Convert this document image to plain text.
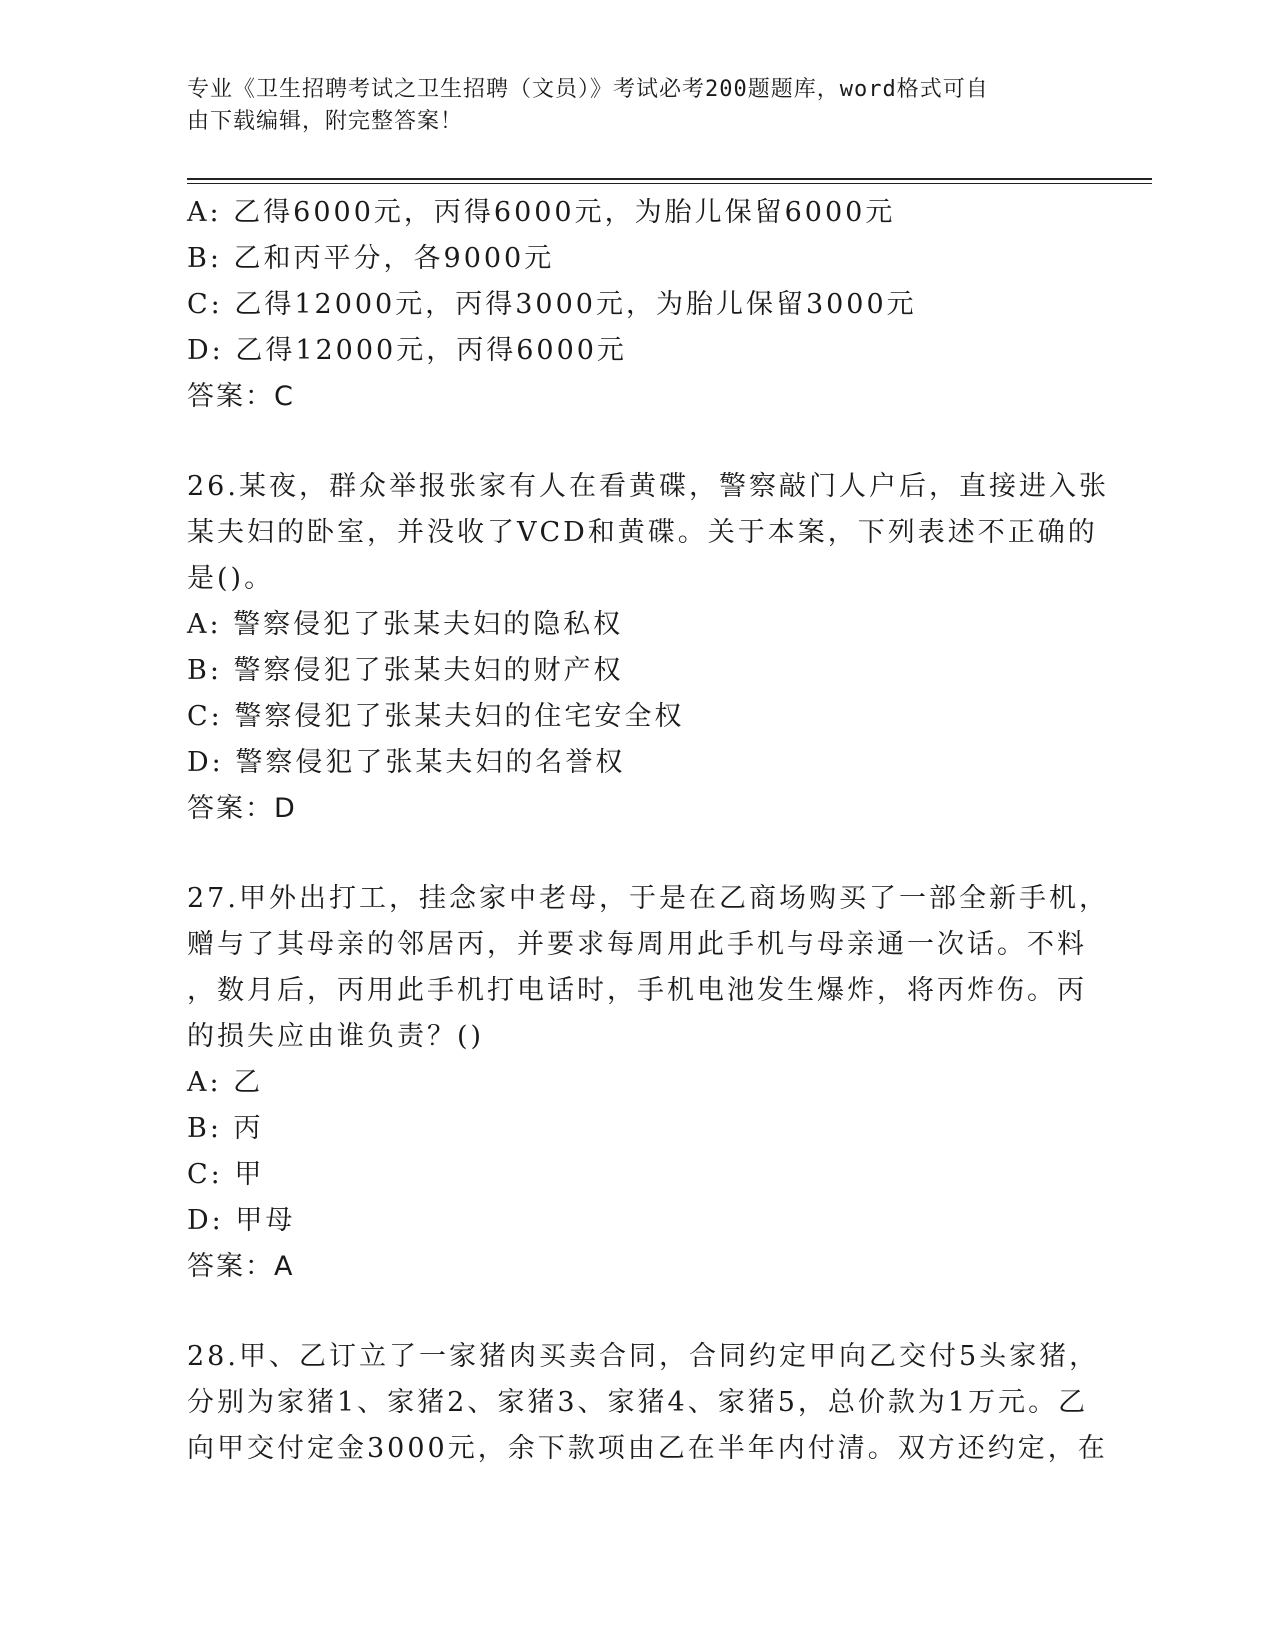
专业《卫生招聘考试之卫生招聘（文员）》考试必考200题题库，word格式可自
由下载编辑，附完整答案！
A: 乙得6000元，丙得6000元，为胎儿保留6000元
B: 乙和丙平分，各9000元
C: 乙得12000元，丙得3000元，为胎儿保留3000元
D: 乙得12000元，丙得6000元
答案：C
26.某夜，群众举报张家有人在看黄碟，警察敲门人户后，直接进入张
某夫妇的卧室，并没收了VCD和黄碟。关于本案，下列表述不正确的
是()。
A: 警察侵犯了张某夫妇的隐私权
B: 警察侵犯了张某夫妇的财产权
C: 警察侵犯了张某夫妇的住宅安全权
D: 警察侵犯了张某夫妇的名誉权
答案：D
27.甲外出打工，挂念家中老母，于是在乙商场购买了一部全新手机，
赠与了其母亲的邻居丙，并要求每周用此手机与母亲通一次话。不料
，数月后，丙用此手机打电话时，手机电池发生爆炸，将丙炸伤。丙
的损失应由谁负责？()
A: 乙
B: 丙
C: 甲
D: 甲母
答案：A
28.甲、乙订立了一家猪肉买卖合同，合同约定甲向乙交付5头家猪，
分别为家猪1、家猪2、家猪3、家猪4、家猪5，总价款为1万元。乙
向甲交付定金3000元，余下款项由乙在半年内付清。双方还约定，在
